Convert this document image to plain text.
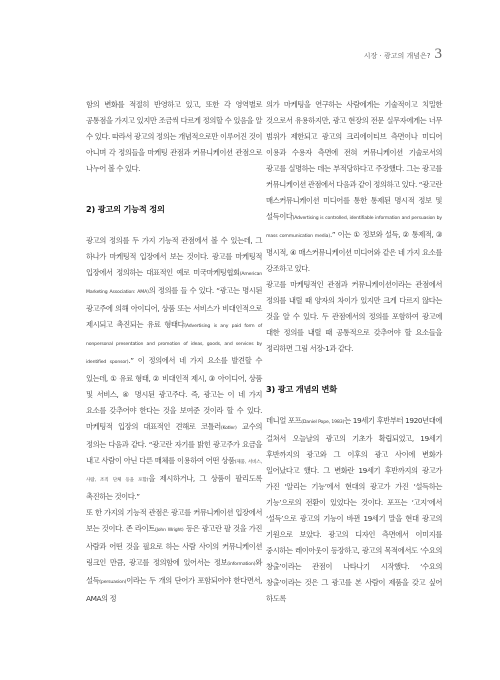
시장 · 광고의 개념은? 3

함의 변화를 적절히 반영하고 있고, 또한 각 영역별로 공통점을 가지고 있지만 조금씩 다르게 정의할 수 있음을 알 수 있다. 따라서 광고의 정의는 개념적으로만 이루어진 것이 아니며 각 정의들을 마케팅 관점과 커뮤니케이션 관점으로 나누어 볼 수 있다.

2) 광고의 기능적 정의

광고의 정의를 두 가지 기능적 관점에서 볼 수 있는데, 그 하나가 마케팅적 입장에서 보는 것이다. 광고를 마케팅적 입장에서 정의하는 대표적인 예로 미국마케팅협회(American Marketing Association: AMA)의 정의를 들 수 있다. “광고는 명시된 광고주에 의해 아이디어, 상품 또는 서비스가 비대인적으로 제시되고 촉진되는 유료 형태다(Advertising is any paid form of nonpersonal presentation and promotion of ideas, goods, and services by identified sponsor).” 이 정의에서 네 가지 요소를 발견할 수 있는데, ① 유료 형태, ② 비대인적 제시, ③ 아이디어, 상품 및 서비스, ④ 명시된 광고주다. 즉, 광고는 이 네 가지 요소를 갖추어야 한다는 것을 보여준 것이라 할 수 있다. 마케팅적 입장의 대표적인 견해로 코틀러(Kotler) 교수의 정의는 다음과 같다. “광고란 자기를 밝힌 광고주가 요금을 내고 사람이 아닌 다른 매체를 이용하여 어떤 상품(제품, 서비스, 사람, 조직 단체 등을 포함)을 제시하거나, 그 상품이 팔리도록 촉진하는 것이다.”

또 한 가지의 기능적 관점은 광고를 커뮤니케이션 입장에서 보는 것이다. 존 라이트(John Wright) 등은 광고란 팔 것을 가진 사람과 어떤 것을 필요로 하는 사람 사이의 커뮤니케이션 링크인 만큼, 광고를 정의함에 있어서는 정보(information)와 설득(persuasion)이라는 두 개의 단어가 포함되어야 한다면서, AMA의 정

의가 마케팅을 연구하는 사람에게는 기술적이고 치밀한 것으로서 유용하지만, 광고 현장의 전문 실무자에게는 너무 범위가 제한되고 광고의 크리에이티브 측면이나 미디어 이용과 수용자 측면에 전혀 커뮤니케이션 기술로서의 광고를 실명하는 데는 부적당하다고 주장했다. 그는 광고를 커뮤니케이션 관점에서 다음과 같이 정의하고 있다. “광고란 매스커뮤니케이션 미디어를 통한 통제된 명시적 정보 및 설득이다(Advertising is controlled, identifiable information and persuasion by mass communication media).” 이는 ① 정보와 설득, ② 통제적, ③ 명시적, ④ 매스커뮤니케이션 미디어와 같은 네 가지 요소를 강조하고 있다.

광고를 마케팅적인 관점과 커뮤니케이션이라는 관점에서 정의를 내릴 때 양자의 차이가 있지만 크게 다르지 않다는 것을 알 수 있다. 두 관점에서의 정의를 포함하여 광고에 대한 정의를 내릴 때 공통적으로 갖추어야 할 요소들을 정리하면 그림 서장-1과 같다.

3) 광고 개념의 변화

데니얼 포프(Daniel Pope, 1983)는 19세기 후반부터 1920년대에 걸쳐서 오늘날의 광고의 기초가 확립되었고, 19세기 후반까지의 광고와 그 이후의 광고 사이에 변화가 일어났다고 했다. 그 변화란 19세기 후반까지의 광고가 가진 ‘알리는 기능’에서 현대의 광고가 가진 ‘설득하는 기능’으로의 전환이 있었다는 것이다. 포프는 ‘고지’에서 ‘설득’으로 광고의 기능이 바뀐 19세기 말을 현대 광고의 기원으로 보았다. 광고의 디자인 측면에서 이미지를 중시하는 레이아웃이 등장하고, 광고의 목적에서도 ‘수요의 창출’이라는 관점이 나타나기 시작했다. ‘수요의 창출’이라는 것은 그 광고를 본 사람이 제품을 갖고 싶어 하도록
